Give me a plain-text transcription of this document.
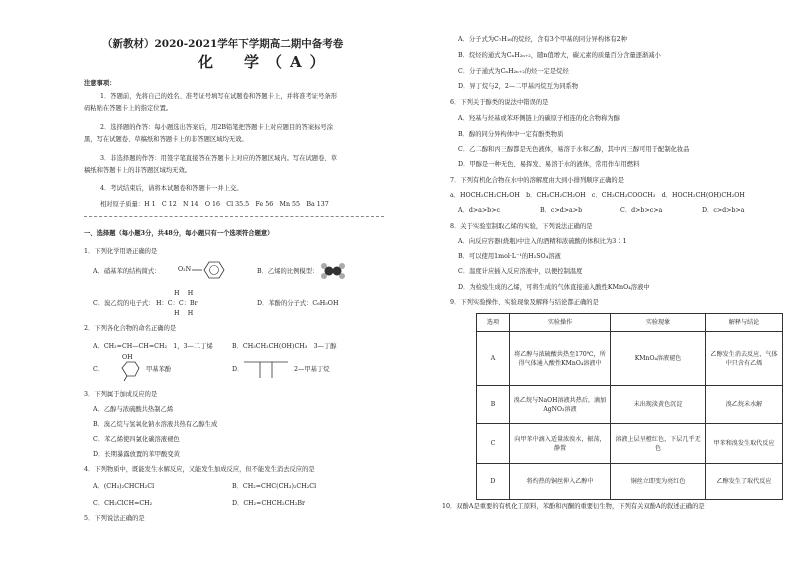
（新教材）2020-2021学年下学期高二期中备考卷
化　学（A）
注意事项：
1．答题前，先将自己的姓名、准考证号填写在试题卷和答题卡上，并将准考证号条形
码粘贴在答题卡上的指定位置。
2．选择题的作答：每小题选出答案后，用2B铅笔把答题卡上对应题目的答案标号涂
黑，写在试题卷、草稿纸和答题卡上的非答题区域均无效。
3．非选择题的作答：用签字笔直接答在答题卡上对应的答题区域内。写在试题卷、草
稿纸和答题卡上的非答题区域均无效。
4．考试结束后，请将本试题卷和答题卡一并上交。
相对原子质量：H 1　C 12　N 14　O 16　Cl 35.5　Fe 56　Mn 55　Ba 137
一、选择题（每小题3分，共48分，每小题只有一个选项符合题意）
1．下列化学用语正确的是
A．硝基苯的结构简式：	O₂N	B．乙烯的比例模型：
C．溴乙烷的电子式：
H　 H
H：C：C：Br
H　 H
D．苯酚的分子式：C₆H₅OH
2．下列各化合物的命名正确的是
A．CH₂=CH—CH=CH₂　1，3—二丁烯	B．CH₃CH₂CH(OH)CH₃　3—丁醇
C．
OH
甲基苯酚	D．	2—甲基丁烷
3．下列属于加成反应的是
A．乙醇与浓硫酸共热制乙烯
B．溴乙烷与氢氧化钠水溶液共热有乙醇生成
C．苯乙烯使四氯化碳溶液褪色
D．长期暴露放置的苯甲酸变黄
4．下列物质中，既能发生水解反应，又能发生加成反应，但不能发生消去反应的是
A．(CH₃)₂CHCH₂Cl	B．CH₂=CHC(CH₃)₂CH₂Cl
C．CH₂ClCH=CH₂	D．CH₂=CHCH₂CH₂Br
5．下列说法正确的是
A．分子式为C₇H₁₆的烷烃，含有3个甲基的同分异构体有2种
B．烷烃的通式为CₙH₂ₙ₊₂，随n值增大，碳元素的质量百分含量逐渐减小
C．分子通式为CₙH₂ₙ₊₂的烃一定是烷烃
D．异丁烷与2，2—二甲基丙烷互为同系物
6．下列关于醇类的说法中错误的是
A．羟基与烃基或苯环侧链上的碳原子相连的化合物称为醇
B．醇的同分异构体中一定有酚类物质
C．乙二醇和丙三醇都是无色液体，易溶于水和乙醇，其中丙三醇可用于配制化妆品
D．甲醇是一种无色、易挥发、易溶于水的液体，常用作车用燃料
7．下列有机化合物在水中的溶解度由大到小排列顺序正确的是
a．HOCH₂CH₂CH₂OH　b．CH₃CH₂CH₂OH　c．CH₃CH₂COOCH₃　d．HOCH₂CH(OH)CH₂OH
A．d>a>b>c	B．c>d>a>b	C．d>b>c>a	D．c>d>b>a
8．关于实验室制取乙烯的实验，下列说法正确的是
A．向反应容器(烧瓶)中注入的酒精和浓硫酸的体积比为3∶1
B．可以使用1mol·L⁻¹的H₂SO₄溶液
C．温度计应插入反应溶液中，以便控制温度
D．为检验生成的乙烯，可将生成的气体直接通入酸性KMnO₄溶液中
9．下列实验操作、实验现象及解释与结论都正确的是
选项	实验操作	实验现象	解释与结论
A	将乙醇与浓硫酸共热至170℃，所得气体通入酸性KMnO₄溶液中	KMnO₄溶液褪色	乙醇发生消去反应，气体中只含有乙烯
B	溴乙烷与NaOH溶液共热后，滴加AgNO₃溶液	未出现淡黄色沉淀	溴乙烷未水解
C	向甲苯中滴入适量浓溴水，振荡，静置	溶液上层呈橙红色，下层几乎无色	甲苯和溴发生取代反应
D	将灼热的铜丝伸入乙醇中	铜丝立即变为亮红色	乙醇发生了取代反应
10．双酚A是重要的有机化工原料，苯酚和丙酮的重要衍生物，下列有关双酚A的叙述正确的是
